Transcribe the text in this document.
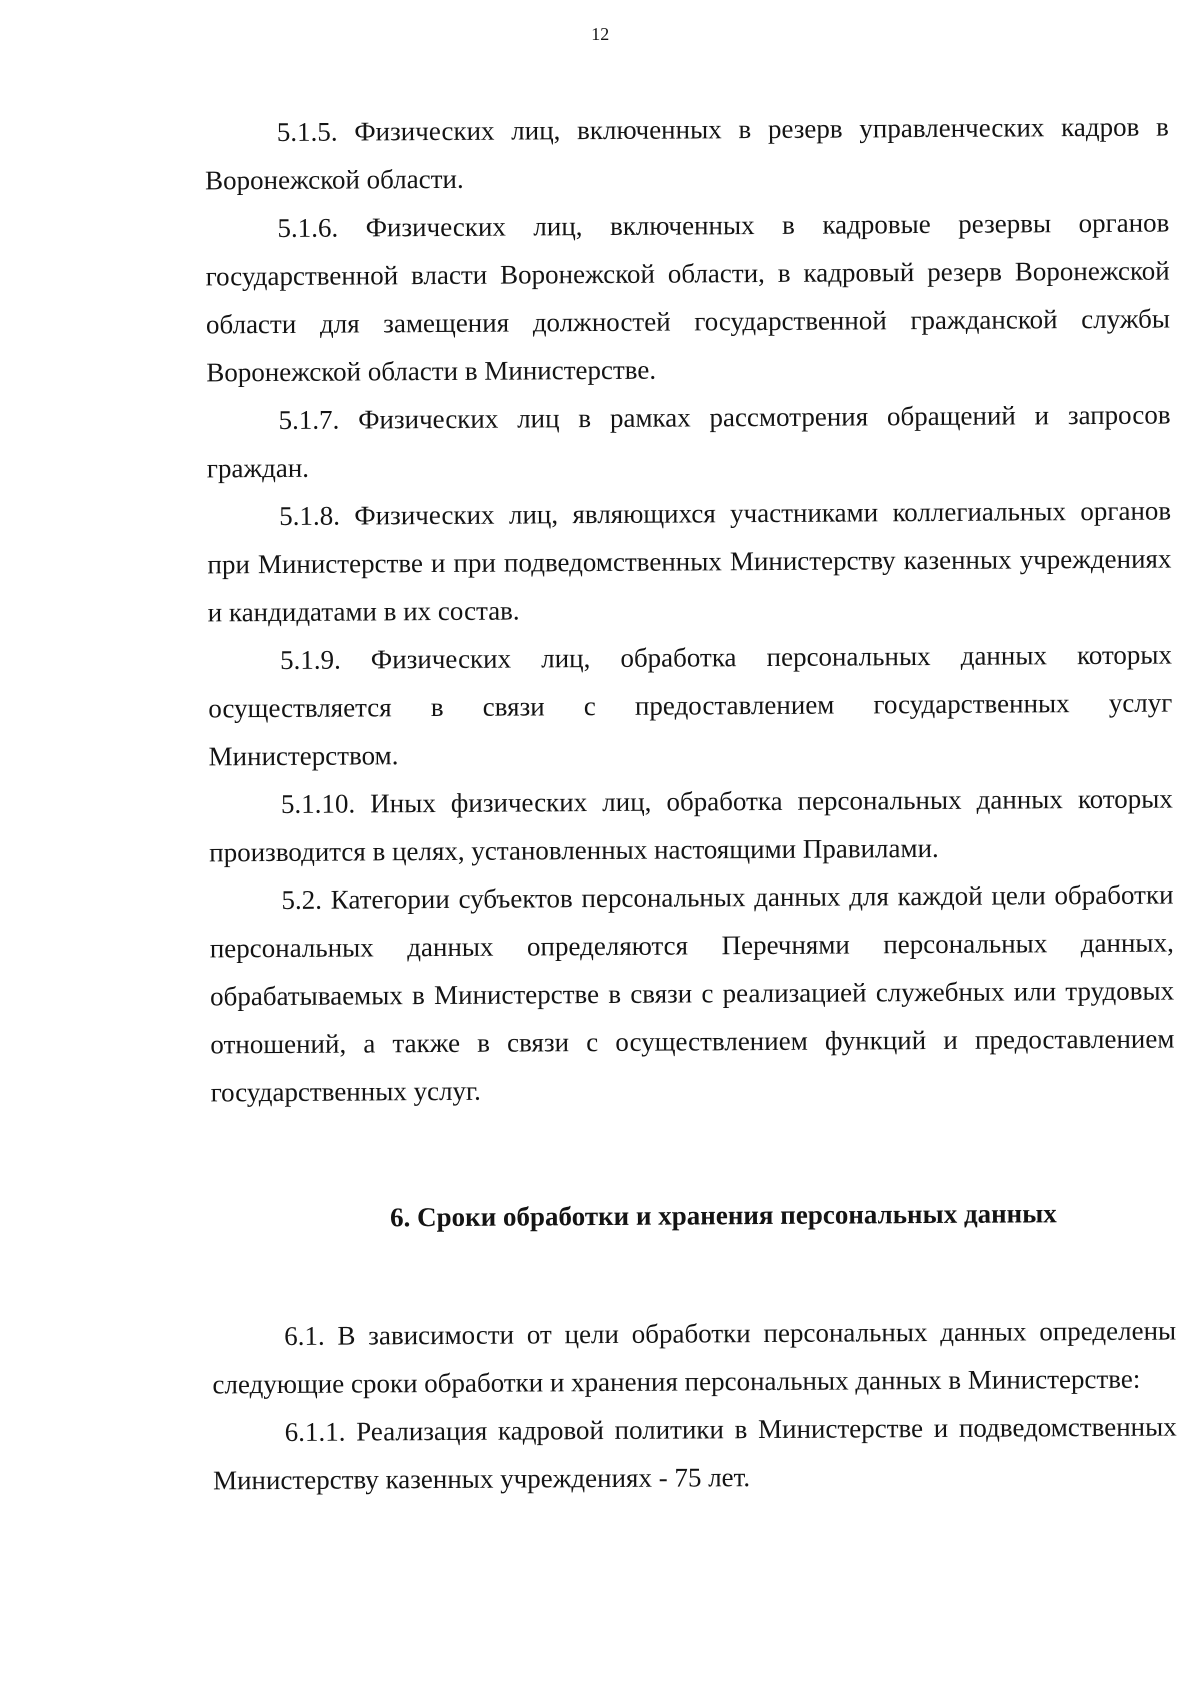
12

5.1.5. Физических лиц, включенных в резерв управленческих кадров в Воронежской области.

5.1.6. Физических лиц, включенных в кадровые резервы органов государственной власти Воронежской области, в кадровый резерв Воронежской области для замещения должностей государственной гражданской службы Воронежской области в Министерстве.

5.1.7. Физических лиц в рамках рассмотрения обращений и запросов граждан.

5.1.8. Физических лиц, являющихся участниками коллегиальных органов при Министерстве и при подведомственных Министерству казенных учреждениях и кандидатами в их состав.

5.1.9. Физических лиц, обработка персональных данных которых осуществляется в связи с предоставлением государственных услуг Министерством.

5.1.10. Иных физических лиц, обработка персональных данных которых производится в целях, установленных настоящими Правилами.

5.2. Категории субъектов персональных данных для каждой цели обработки персональных данных определяются Перечнями персональных данных, обрабатываемых в Министерстве в связи с реализацией служебных или трудовых отношений, а также в связи с осуществлением функций и предоставлением государственных услуг.

6. Сроки обработки и хранения персональных данных

6.1. В зависимости от цели обработки персональных данных определены следующие сроки обработки и хранения персональных данных в Министерстве:

6.1.1. Реализация кадровой политики в Министерстве и подведомственных Министерству казенных учреждениях - 75 лет.
